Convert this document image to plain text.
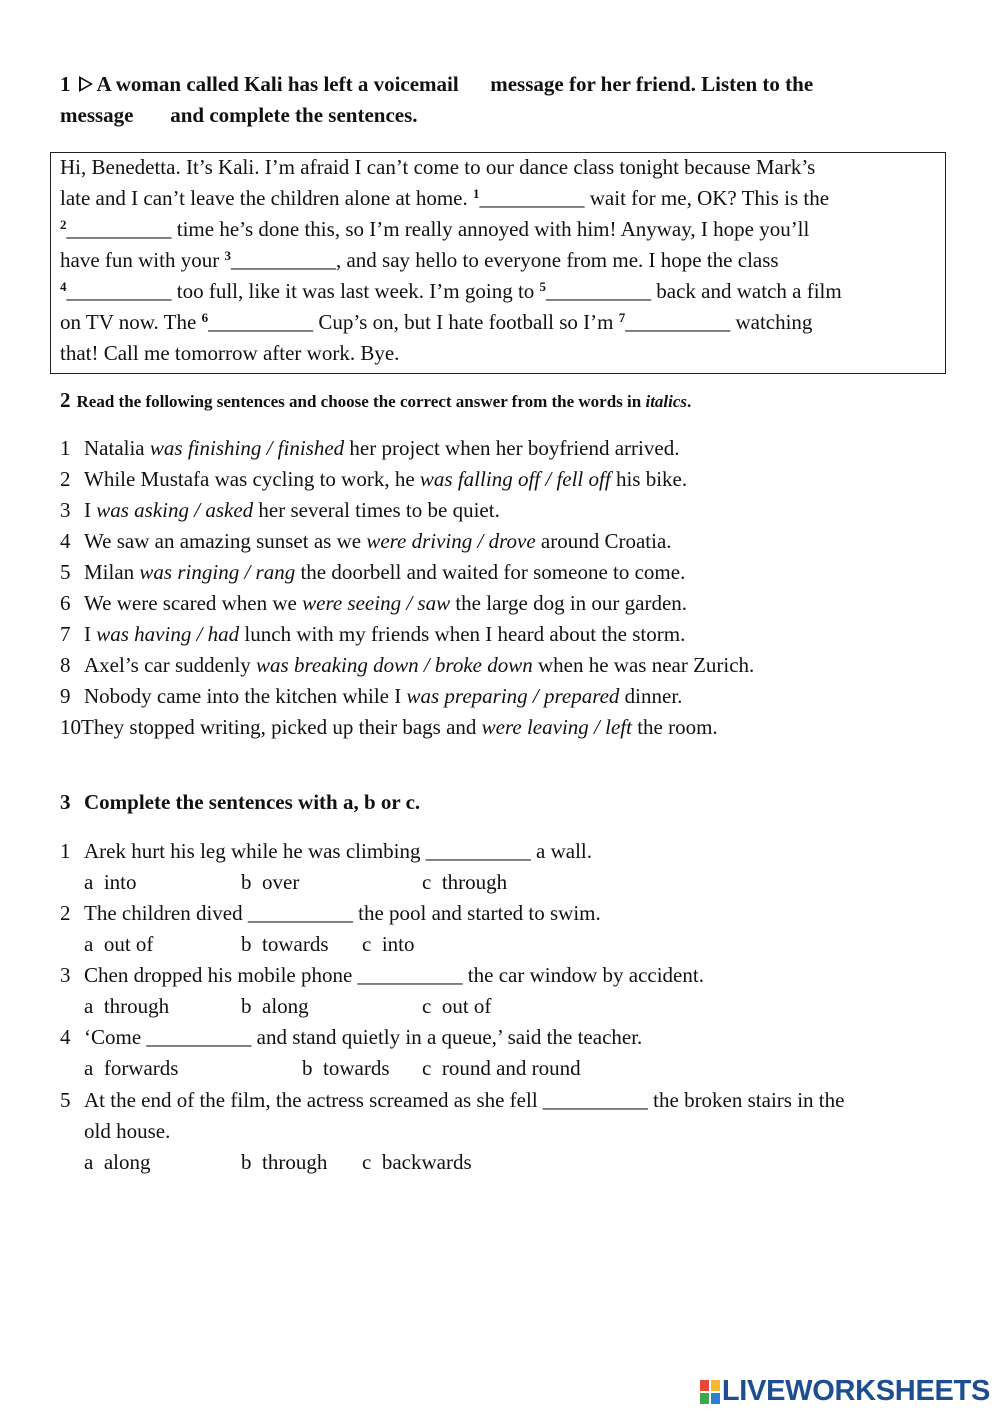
1 A woman called Kali has left a voicemail      message for her friend. Listen to the
message       and complete the sentences.
Hi, Benedetta. It’s Kali. I’m afraid I can’t come to our dance class tonight because Mark’s
late and I can’t leave the children alone at home. $^1$__________ wait for me, OK? This is the
$^2$__________ time he’s done this, so I’m really annoyed with him! Anyway, I hope you’ll
have fun with your $^3$__________, and say hello to everyone from me. I hope the class
$^4$__________ too full, like it was last week. I’m going to $^5$__________ back and watch a film
on TV now. The $^6$__________ Cup’s on, but I hate football so I’m $^7$__________ watching
that! Call me tomorrow after work. Bye.
2 Read the following sentences and choose the correct answer from the words in italics.
1 Natalia was finishing / finished her project when her boyfriend arrived.
2 While Mustafa was cycling to work, he was falling off / fell off his bike.
3 I was asking / asked her several times to be quiet.
4 We saw an amazing sunset as we were driving / drove around Croatia.
5 Milan was ringing / rang the doorbell and waited for someone to come.
6 We were scared when we were seeing / saw the large dog in our garden.
7 I was having / had lunch with my friends when I heard about the storm.
8 Axel’s car suddenly was breaking down / broke down when he was near Zurich.
9 Nobody came into the kitchen while I was preparing / prepared dinner.
10They stopped writing, picked up their bags and were leaving / left the room.
3 Complete the sentences with a, b or c.
1 Arek hurt his leg while he was climbing __________ a wall.
a  into	b  over	c  through
2 The children dived __________ the pool and started to swim.
a  out of	b  towards c  into
3 Chen dropped his mobile phone __________ the car window by accident.
a  through	b  along	c  out of
4 ‘Come __________ and stand quietly in a queue,’ said the teacher.
a  forwards	b  towards c  round and round
5 At the end of the film, the actress screamed as she fell __________ the broken stairs in the
old house.
a  along	b  through c  backwards
LIVEWORKSHEETS
